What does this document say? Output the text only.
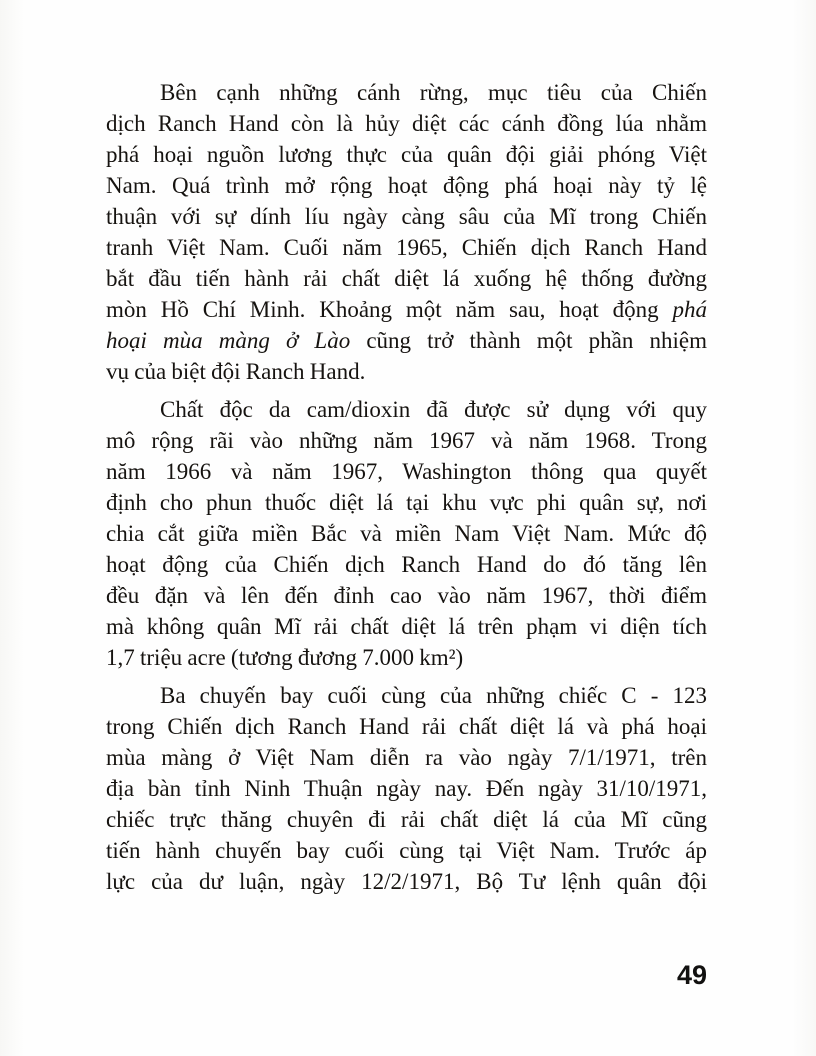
Bên cạnh những cánh rừng, mục tiêu của Chiến
dịch Ranch Hand còn là hủy diệt các cánh đồng lúa nhằm
phá hoại nguồn lương thực của quân đội giải phóng Việt
Nam. Quá trình mở rộng hoạt động phá hoại này tỷ lệ
thuận với sự dính líu ngày càng sâu của Mĩ trong Chiến
tranh Việt Nam. Cuối năm 1965, Chiến dịch Ranch Hand
bắt đầu tiến hành rải chất diệt lá xuống hệ thống đường
mòn Hồ Chí Minh. Khoảng một năm sau, hoạt động phá
hoại mùa màng ở Lào cũng trở thành một phần nhiệm
vụ của biệt đội Ranch Hand.
Chất độc da cam/dioxin đã được sử dụng với quy
mô rộng rãi vào những năm 1967 và năm 1968. Trong
năm 1966 và năm 1967, Washington thông qua quyết
định cho phun thuốc diệt lá tại khu vực phi quân sự, nơi
chia cắt giữa miền Bắc và miền Nam Việt Nam. Mức độ
hoạt động của Chiến dịch Ranch Hand do đó tăng lên
đều đặn và lên đến đỉnh cao vào năm 1967, thời điểm
mà không quân Mĩ rải chất diệt lá trên phạm vi diện tích
1,7 triệu acre (tương đương 7.000 km²)
Ba chuyến bay cuối cùng của những chiếc C - 123
trong Chiến dịch Ranch Hand rải chất diệt lá và phá hoại
mùa màng ở Việt Nam diễn ra vào ngày 7/1/1971, trên
địa bàn tỉnh Ninh Thuận ngày nay. Đến ngày 31/10/1971,
chiếc trực thăng chuyên đi rải chất diệt lá của Mĩ cũng
tiến hành chuyến bay cuối cùng tại Việt Nam. Trước áp
lực của dư luận, ngày 12/2/1971, Bộ Tư lệnh quân đội
49
